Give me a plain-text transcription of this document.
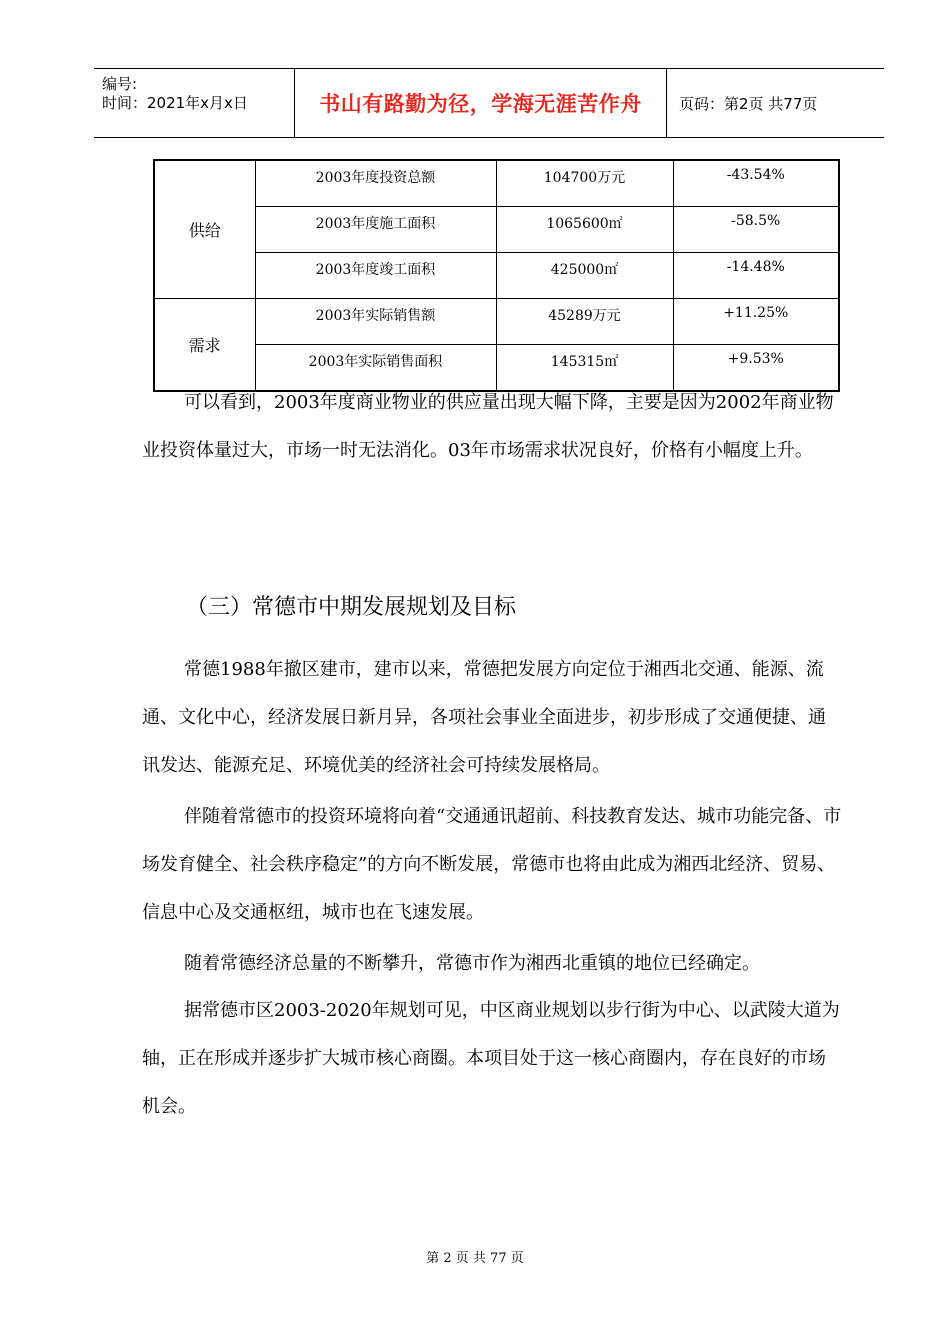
编号:
时间：2021年x月x日	书山有路勤为径，学海无涯苦作舟	页码：第2页 共77页
供给	2003年度投资总额	104700万元	-43.54%
	2003年度施工面积	1065600㎡	-58.5%
	2003年度竣工面积	425000㎡	-14.48%
需求	2003年实际销售额	45289万元	+11.25%
	2003年实际销售面积	145315㎡	+9.53%

可以看到，2003年度商业物业的供应量出现大幅下降，主要是因为2002年商业物业投资体量过大，市场一时无法消化。03年市场需求状况良好，价格有小幅度上升。

（三）常德市中期发展规划及目标

常德1988年撤区建市，建市以来，常德把发展方向定位于湘西北交通、能源、流通、文化中心，经济发展日新月异，各项社会事业全面进步，初步形成了交通便捷、通讯发达、能源充足、环境优美的经济社会可持续发展格局。

伴随着常德市的投资环境将向着“交通通讯超前、科技教育发达、城市功能完备、市场发育健全、社会秩序稳定”的方向不断发展，常德市也将由此成为湘西北经济、贸易、信息中心及交通枢纽，城市也在飞速发展。

随着常德经济总量的不断攀升，常德市作为湘西北重镇的地位已经确定。

据常德市区2003-2020年规划可见，中区商业规划以步行街为中心、以武陵大道为轴，正在形成并逐步扩大城市核心商圈。本项目处于这一核心商圈内，存在良好的市场机会。

第 2 页 共 77 页
